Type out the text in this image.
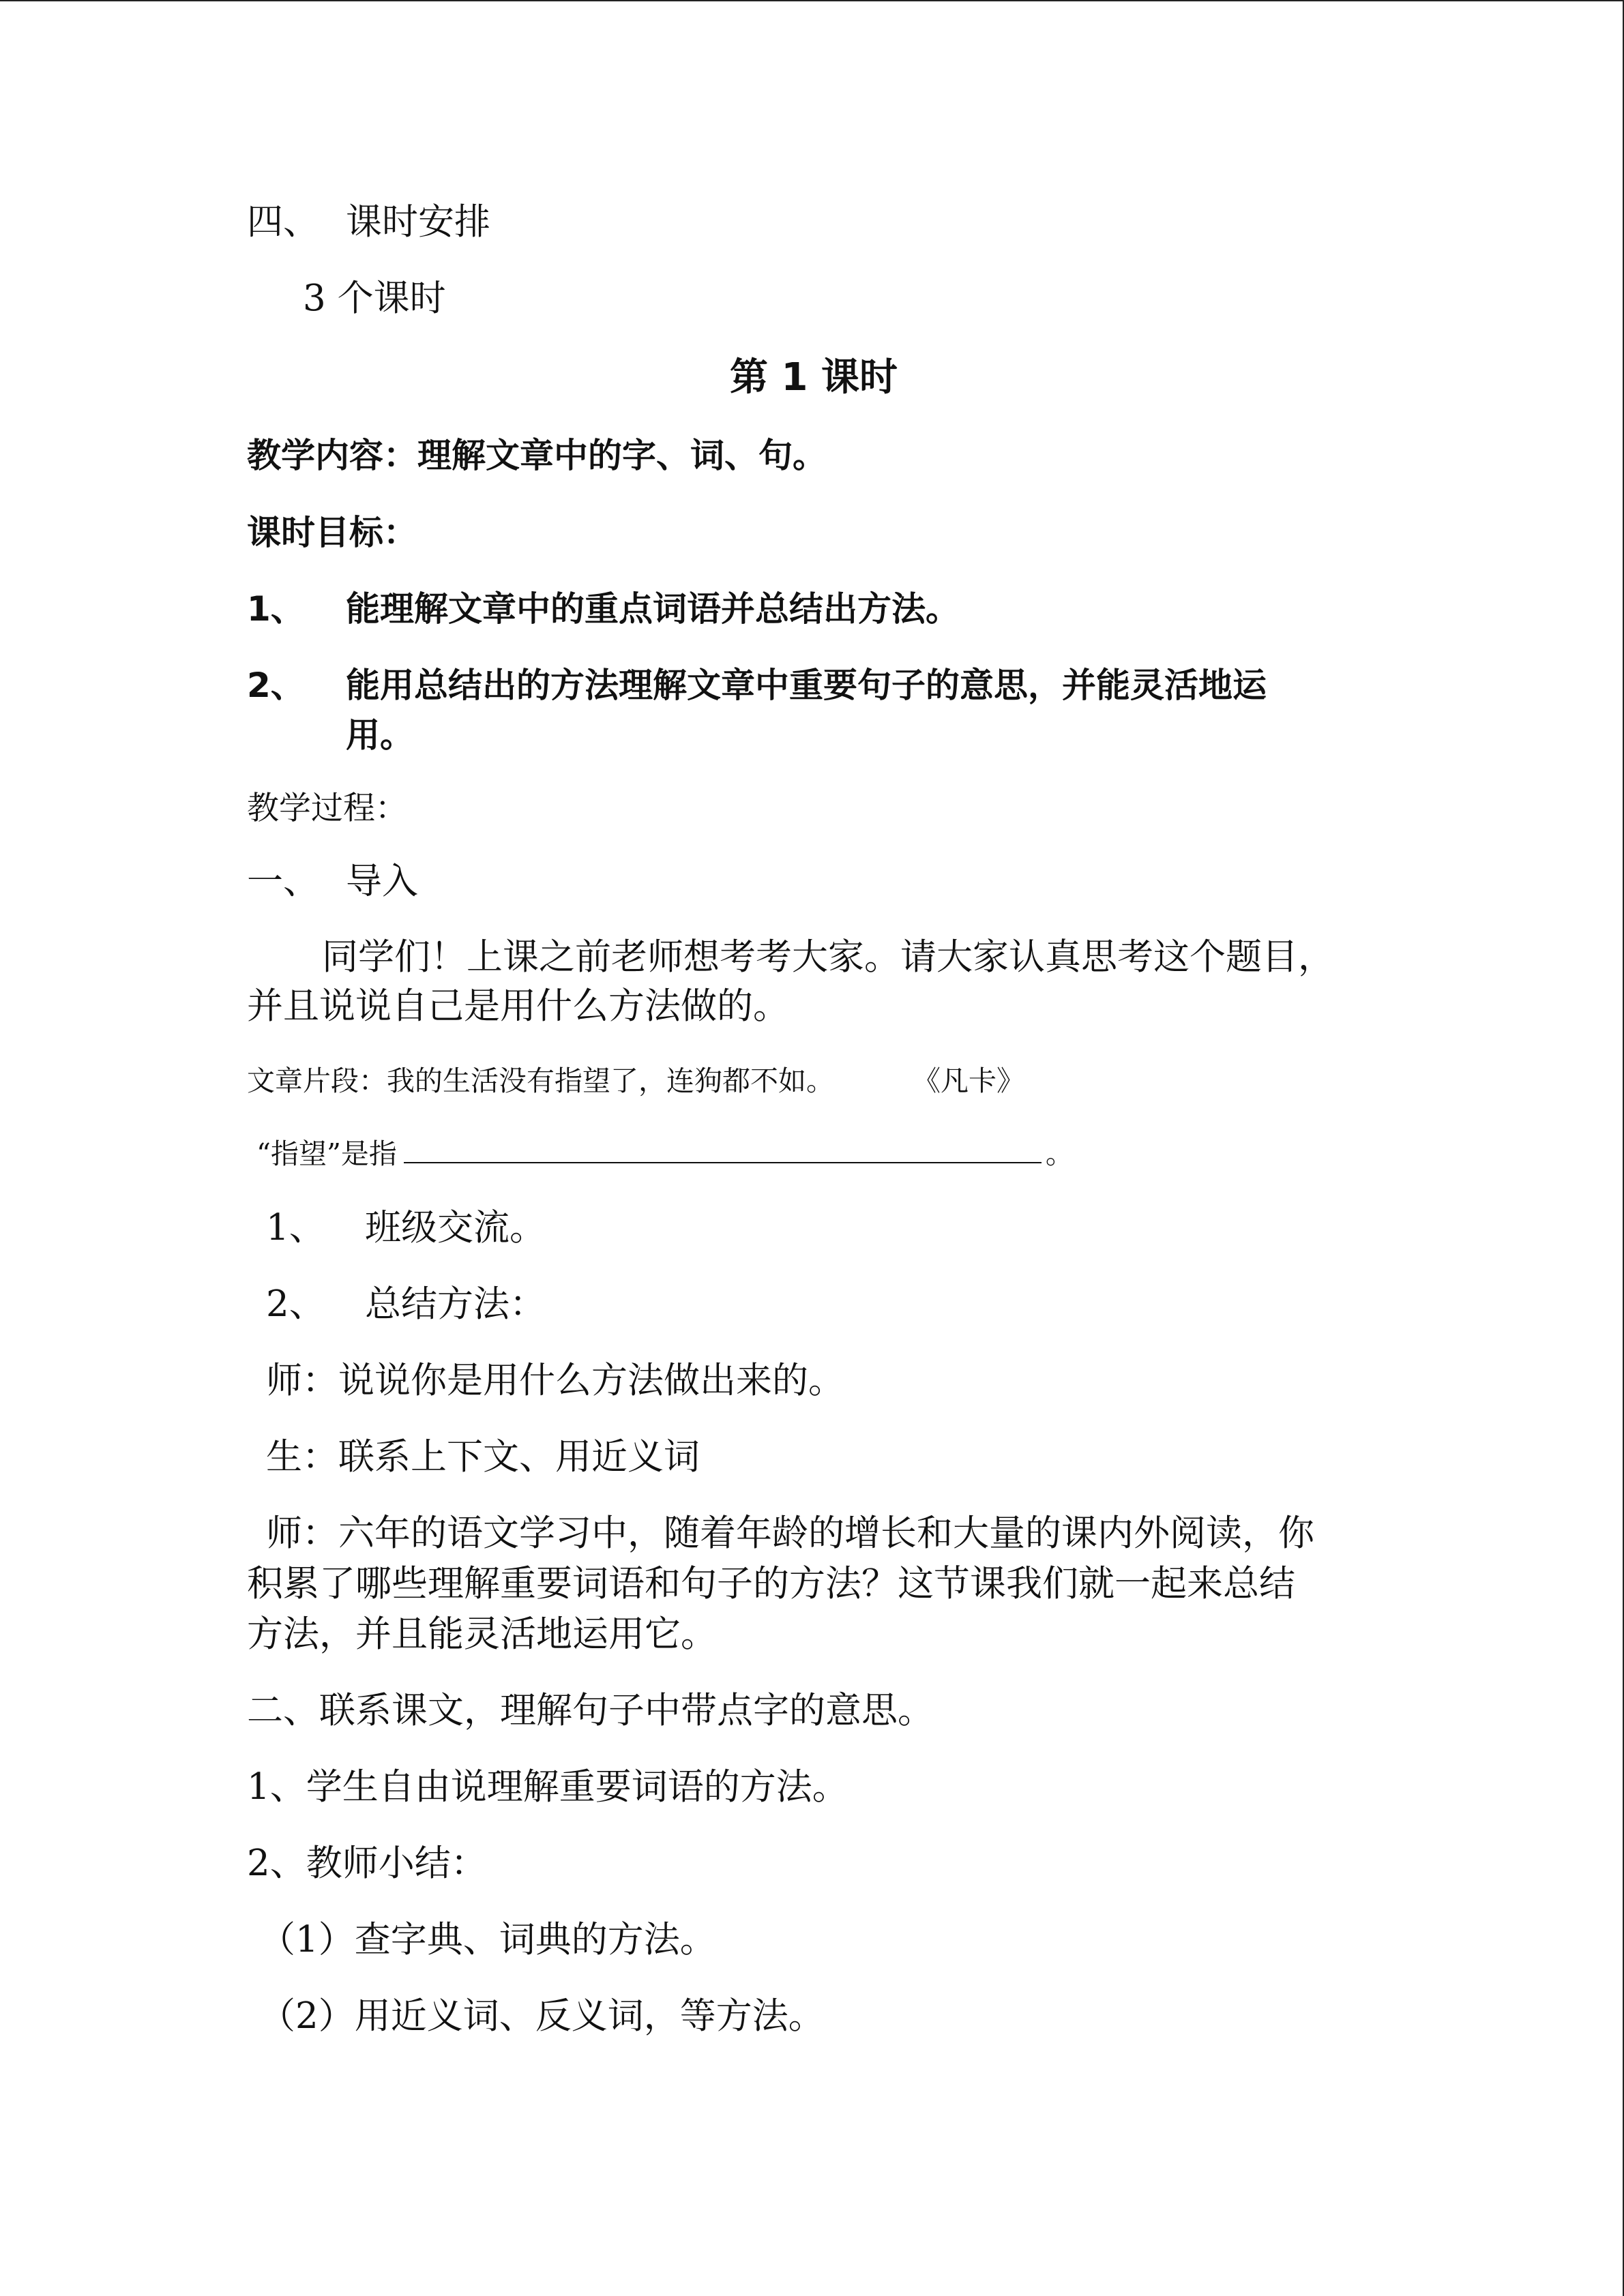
四、 课时安排
3 个课时
第 1 课时
教学内容：理解文章中的字、词、句。
课时目标：
1、 能理解文章中的重点词语并总结出方法。
2、 能用总结出的方法理解文章中重要句子的意思，并能灵活地运
用。
教学过程：
一、 导入
同学们！上课之前老师想考考大家。请大家认真思考这个题目，
并且说说自己是用什么方法做的。
文章片段：我的生活没有指望了，连狗都不如。	《凡卡》
“指望”是指	。
1、 班级交流。
2、 总结方法：
师：说说你是用什么方法做出来的。
生：联系上下文、用近义词
师：六年的语文学习中，随着年龄的增长和大量的课内外阅读，你
积累了哪些理解重要词语和句子的方法？这节课我们就一起来总结
方法，并且能灵活地运用它。
二、联系课文，理解句子中带点字的意思。
1、学生自由说理解重要词语的方法。
2、教师小结：
（1）查字典、词典的方法。
（2）用近义词、反义词，等方法。
